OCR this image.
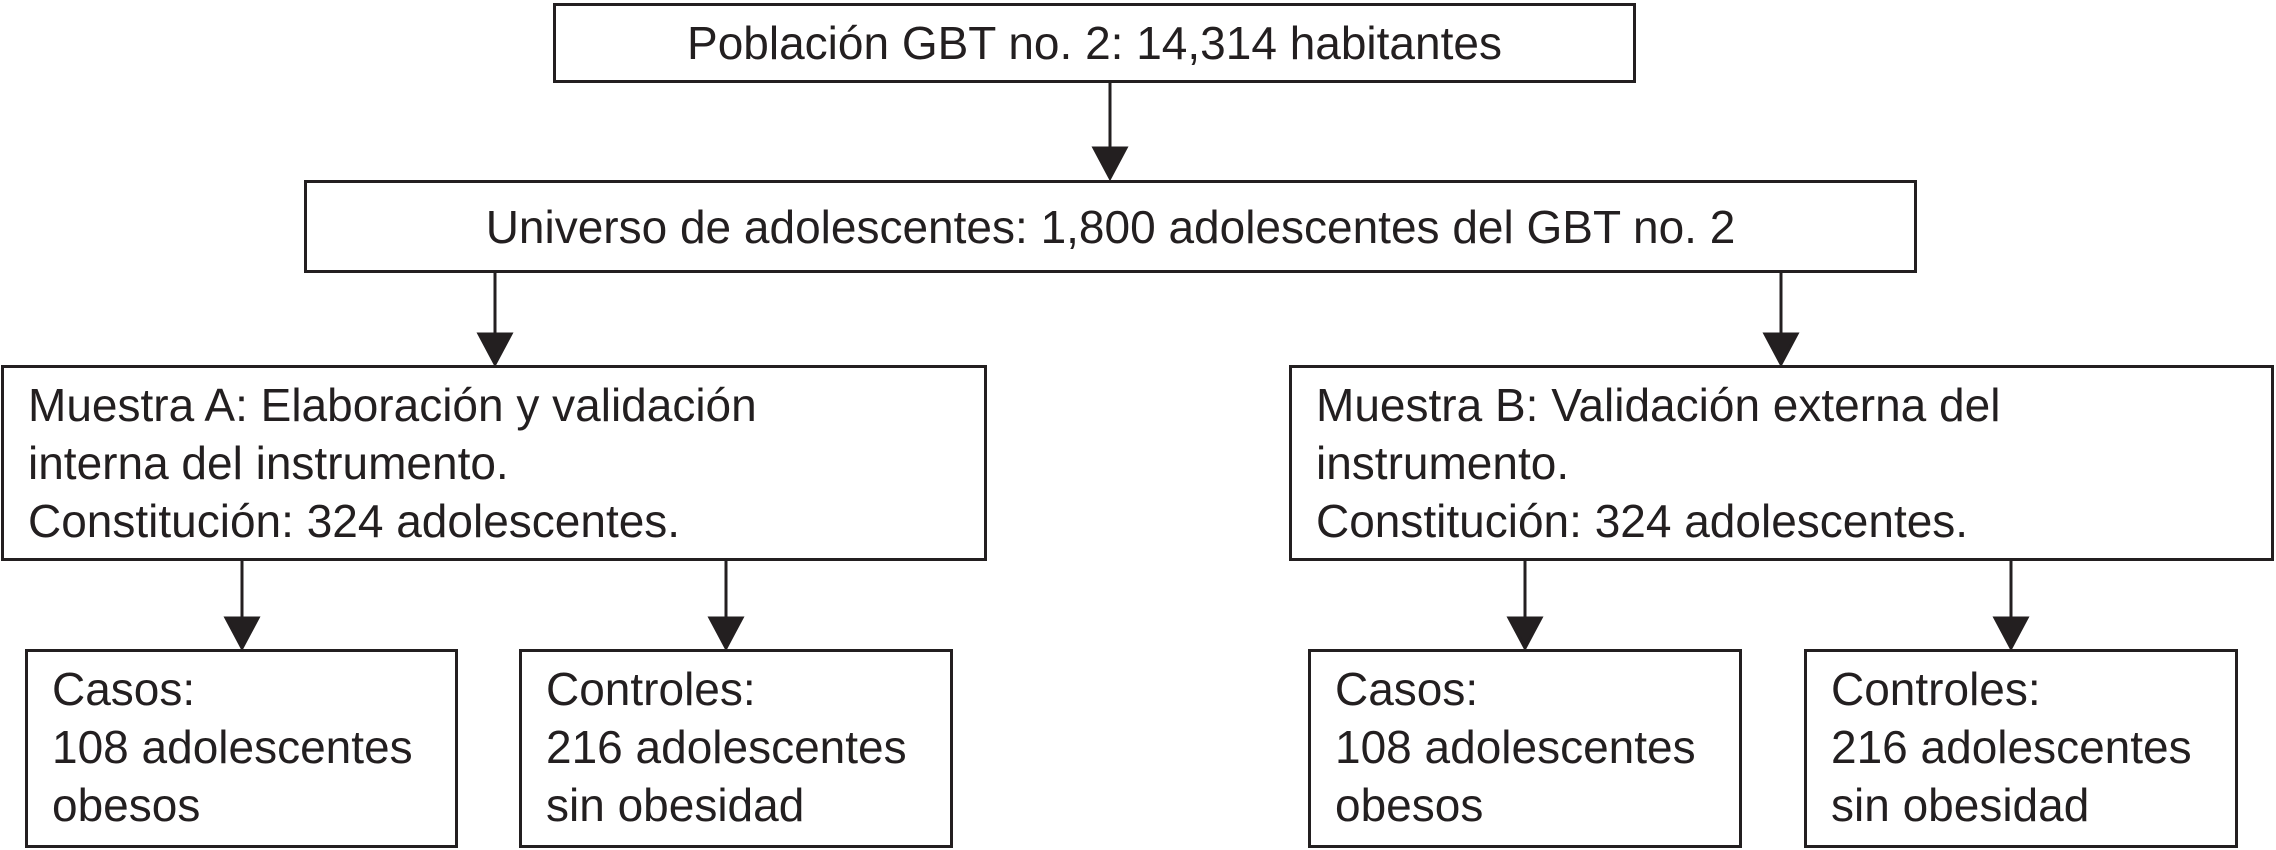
Población GBT no. 2: 14,314 habitantes
Universo de adolescentes: 1,800 adolescentes del GBT no. 2
Muestra A: Elaboración y validación
interna del instrumento.
Constitución: 324 adolescentes.
Muestra B: Validación externa del
instrumento.
Constitución: 324 adolescentes.
Casos:
108 adolescentes
obesos
Controles:
216 adolescentes
sin obesidad
Casos:
108 adolescentes
obesos
Controles:
216 adolescentes
sin obesidad
